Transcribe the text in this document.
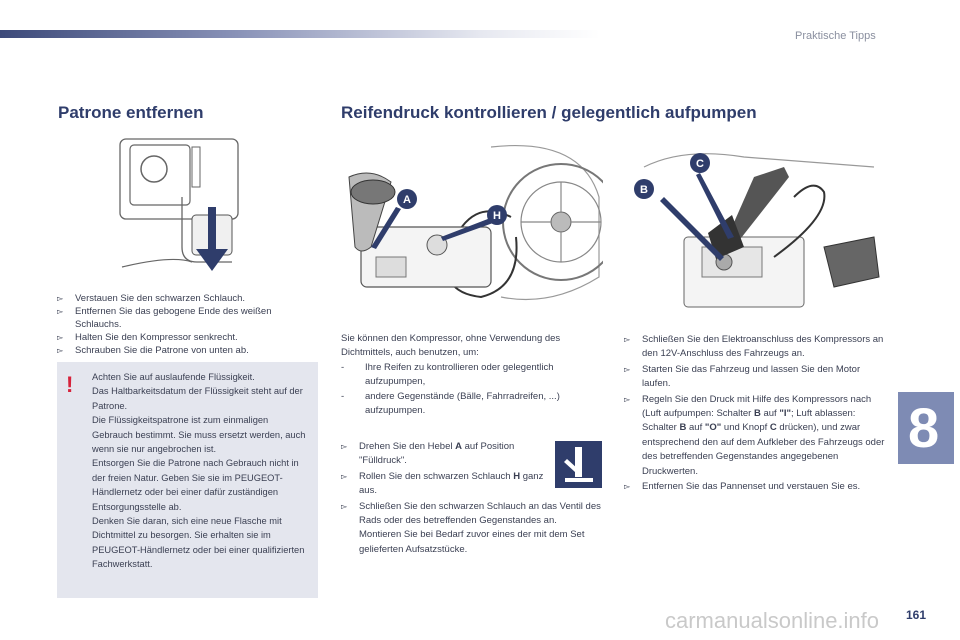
Praktische Tipps
Patrone entfernen	Reifendruck kontrollieren / gelegentlich aufpumpen
▻ Verstauen Sie den schwarzen Schlauch.
▻ Entfernen Sie das gebogene Ende des weißen Schlauchs.
▻ Halten Sie den Kompressor senkrecht.
▻ Schrauben Sie die Patrone von unten ab.
! Achten Sie auf auslaufende Flüssigkeit.
Das Haltbarkeitsdatum der Flüssigkeit steht auf der Patrone.
Die Flüssigkeitspatrone ist zum einmaligen Gebrauch bestimmt. Sie muss ersetzt werden, auch wenn sie nur angebrochen ist.
Entsorgen Sie die Patrone nach Gebrauch nicht in der freien Natur. Geben Sie sie im PEUGEOT-Händlernetz oder bei einer dafür zuständigen Entsorgungsstelle ab.
Denken Sie daran, sich eine neue Flasche mit Dichtmittel zu besorgen. Sie erhalten sie im PEUGEOT-Händlernetz oder bei einer qualifizierten Fachwerkstatt.

A
H
B
C

Sie können den Kompressor, ohne Verwendung des Dichtmittels, auch benutzen, um:

- Ihre Reifen zu kontrollieren oder gelegentlich aufzupumpen,
- andere Gegenstände (Bälle, Fahrradreifen, ...) aufzupumpen.
▻ Drehen Sie den Hebel A auf Position "Fülldruck".
▻ Rollen Sie den schwarzen Schlauch H ganz aus.
▻ Schließen Sie den schwarzen Schlauch an das Ventil des Rads oder des betreffenden Gegenstandes an.
Montieren Sie bei Bedarf zuvor eines der mit dem Set gelieferten Aufsatzstücke.
▻ Schließen Sie den Elektroanschluss des Kompressors an den 12V-Anschluss des Fahrzeugs an.
▻ Starten Sie das Fahrzeug und lassen Sie den Motor laufen.
▻ Regeln Sie den Druck mit Hilfe des Kompressors nach (Luft aufpumpen: Schalter B auf "I"; Luft ablassen: Schalter B auf "O" und Knopf C drücken), und zwar entsprechend den auf dem Aufkleber des Fahrzeugs oder des betreffenden Gegenstandes angegebenen Druckwerten.
▻ Entfernen Sie das Pannenset und verstauen Sie es.
8
carmanualsonline.info 161
